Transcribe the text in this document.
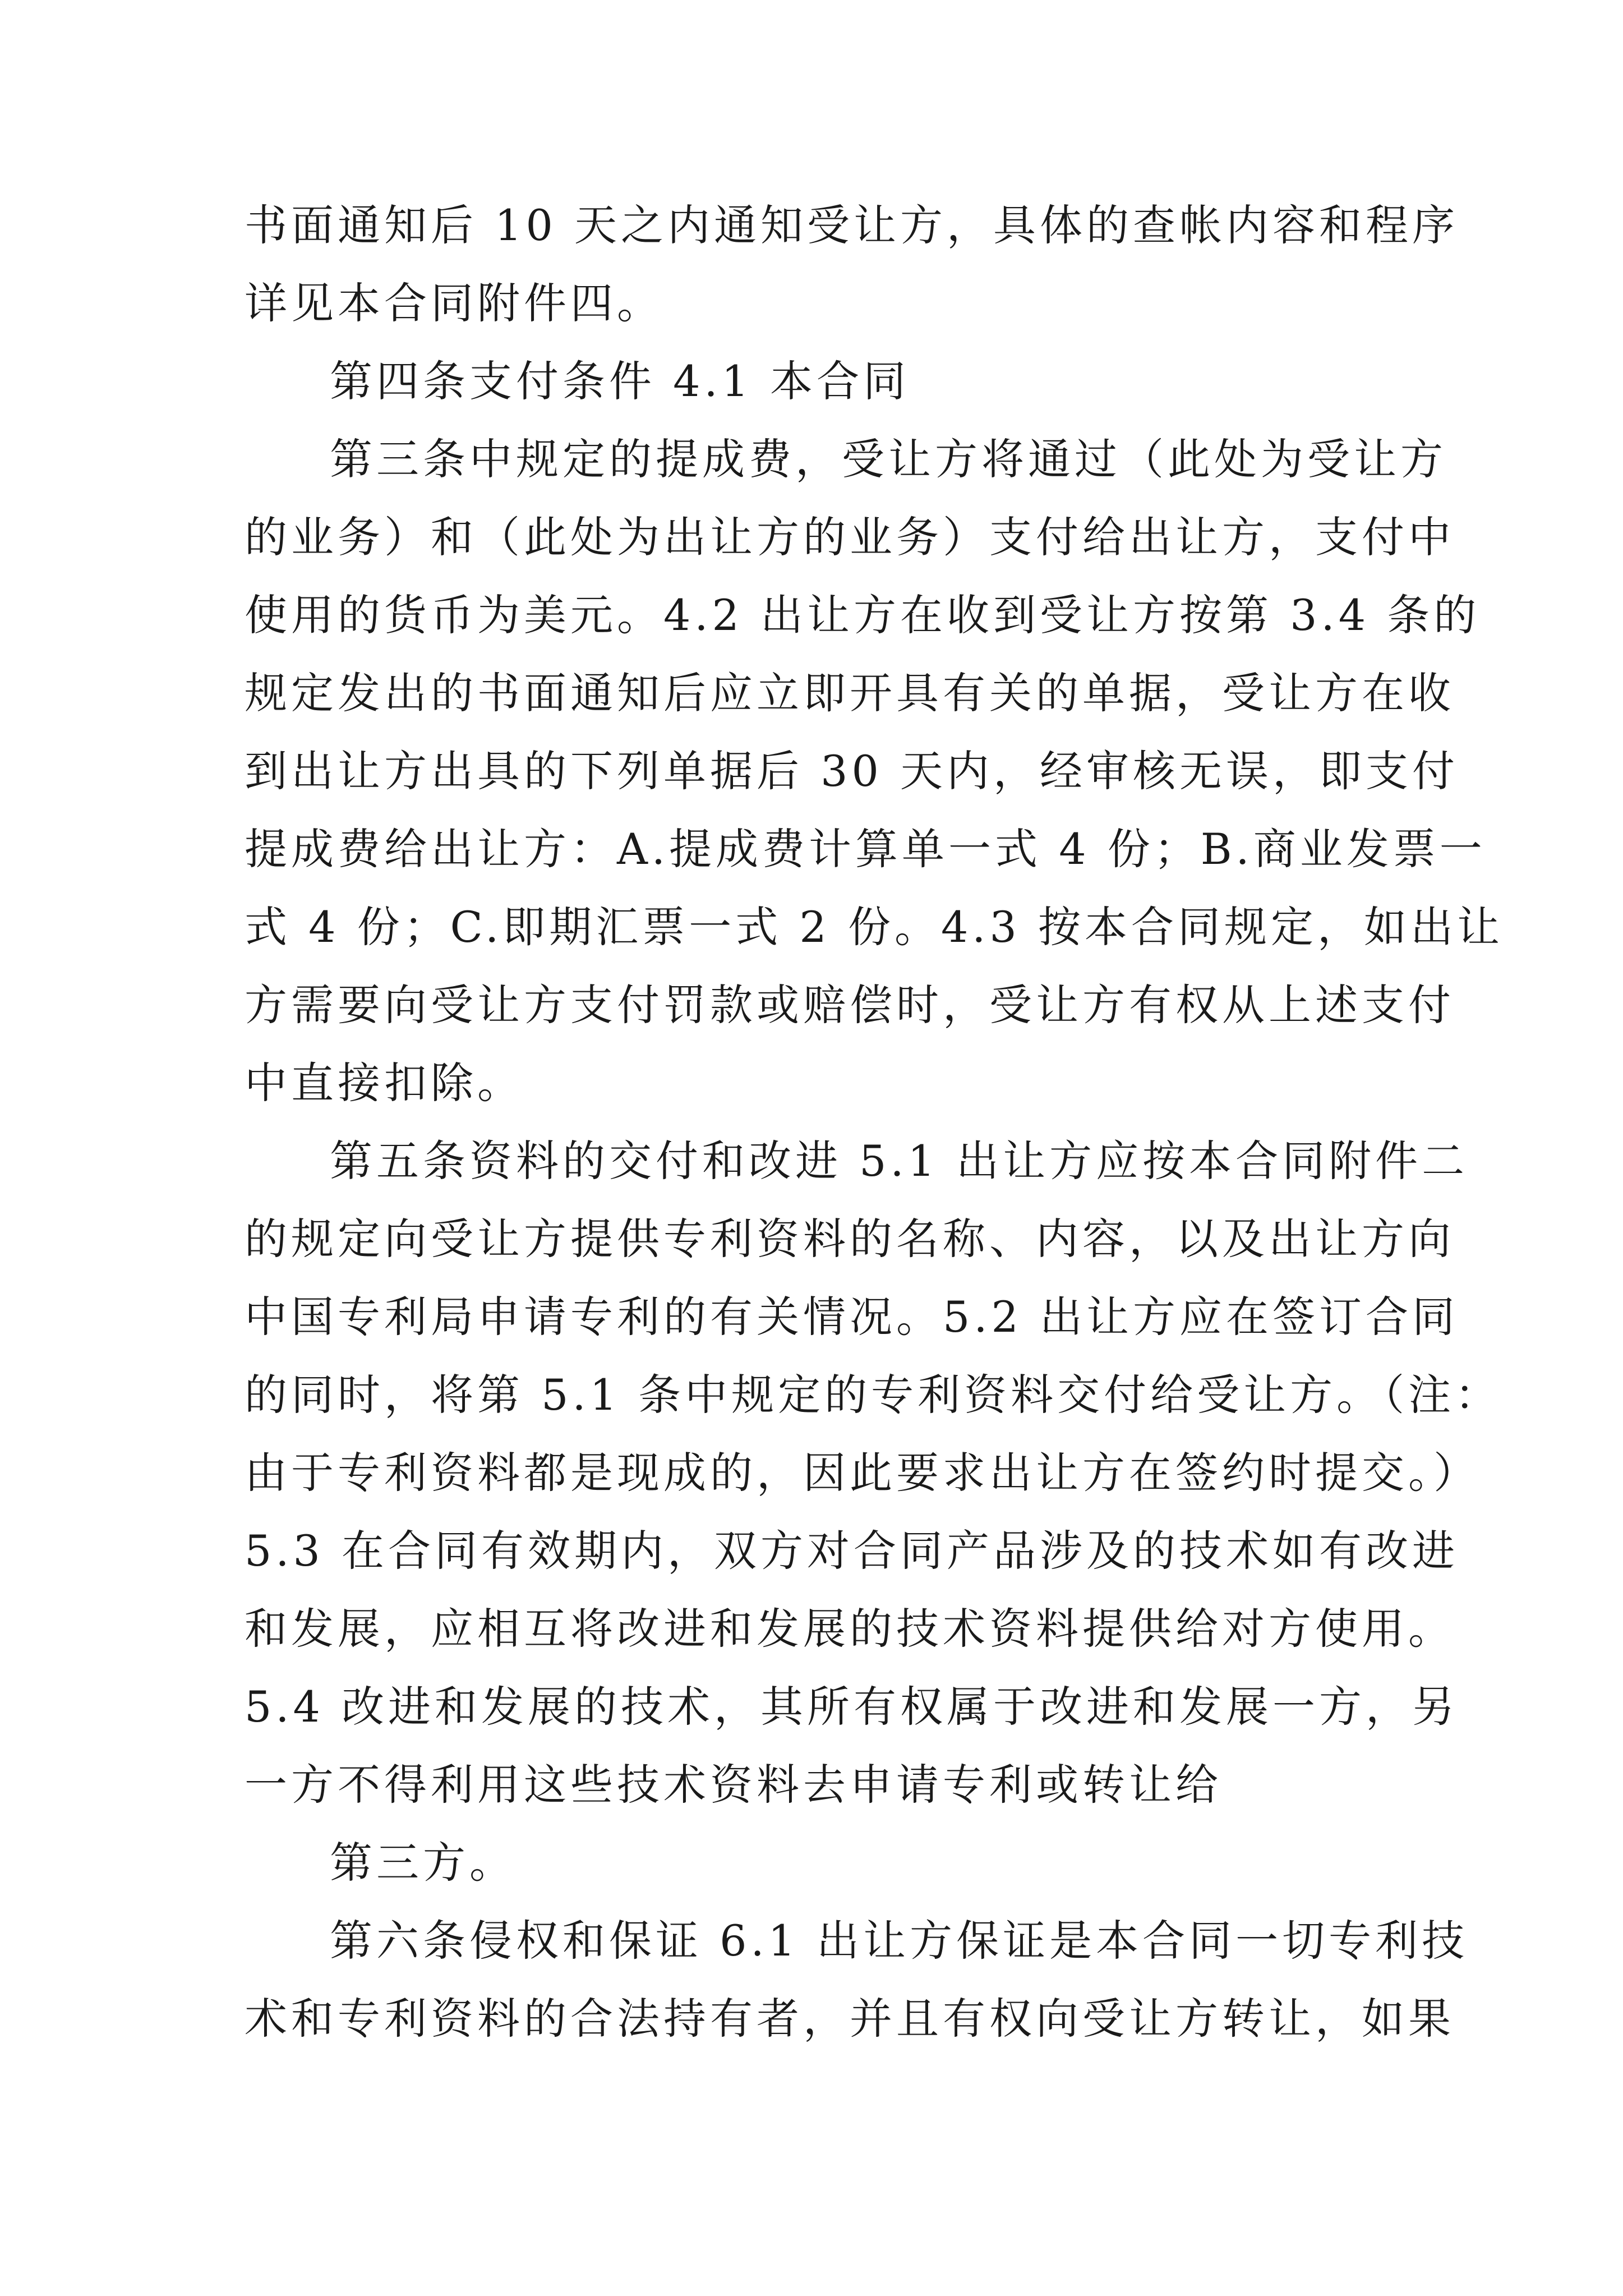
书面通知后 10 天之内通知受让方，具体的查帐内容和程序
详见本合同附件四。
第四条支付条件 4.1 本合同
第三条中规定的提成费，受让方将通过（此处为受让方
的业务）和（此处为出让方的业务）支付给出让方，支付中
使用的货币为美元。4.2 出让方在收到受让方按第 3.4 条的
规定发出的书面通知后应立即开具有关的单据，受让方在收
到出让方出具的下列单据后 30 天内，经审核无误，即支付
提成费给出让方：A.提成费计算单一式 4 份；B.商业发票一
式 4 份；C.即期汇票一式 2 份。4.3 按本合同规定，如出让
方需要向受让方支付罚款或赔偿时，受让方有权从上述支付
中直接扣除。
第五条资料的交付和改进 5.1 出让方应按本合同附件二
的规定向受让方提供专利资料的名称、内容，以及出让方向
中国专利局申请专利的有关情况。5.2 出让方应在签订合同
的同时，将第 5.1 条中规定的专利资料交付给受让方。（注：
由于专利资料都是现成的，因此要求出让方在签约时提交。）
5.3 在合同有效期内，双方对合同产品涉及的技术如有改进
和发展，应相互将改进和发展的技术资料提供给对方使用。
5.4 改进和发展的技术，其所有权属于改进和发展一方，另
一方不得利用这些技术资料去申请专利或转让给
第三方。
第六条侵权和保证 6.1 出让方保证是本合同一切专利技
术和专利资料的合法持有者，并且有权向受让方转让，如果
